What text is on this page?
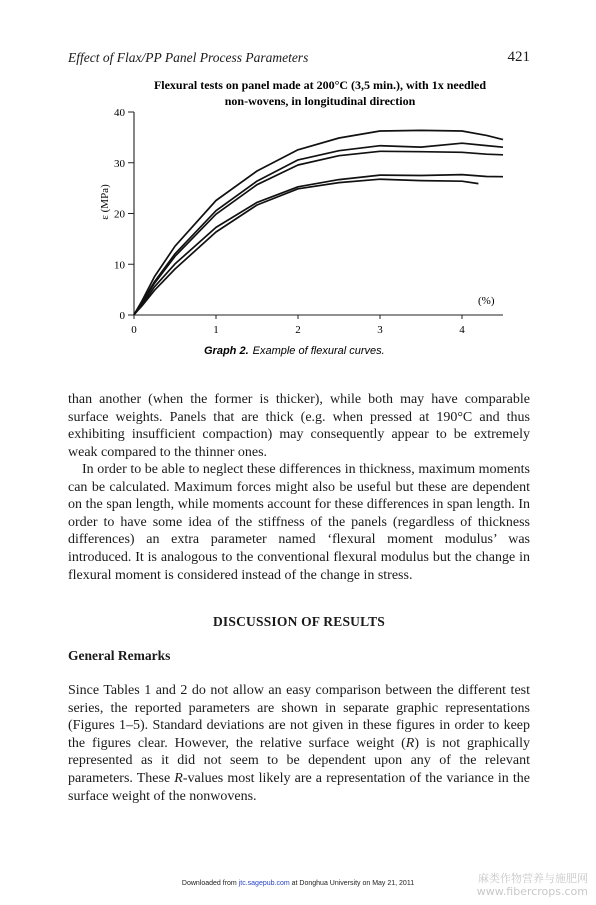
Effect of Flax/PP Panel Process Parameters	421
Flexural tests on panel made at 200°C (3,5 min.), with 1x needled
non-wovens, in longitudinal direction
0
10
20
30
40
0	1	2	3	4
ε (MPa)
(%)
Graph 2. Example of flexural curves.

than another (when the former is thicker), while both may have comparable surface weights. Panels that are thick (e.g. when pressed at 190°C and thus exhibiting insufficient compaction) may consequently appear to be extremely weak compared to the thinner ones.

In order to be able to neglect these differences in thickness, maximum moments can be calculated. Maximum forces might also be useful but these are dependent on the span length, while moments account for these differences in span length. In order to have some idea of the stiffness of the panels (regardless of thickness differences) an extra parameter named ‘flexural moment modulus’ was introduced. It is analogous to the conventional flexural modulus but the change in flexural moment is considered instead of the change in stress.

DISCUSSION OF RESULTS
General Remarks

Since Tables 1 and 2 do not allow an easy comparison between the different test series, the reported parameters are shown in separate graphic representations (Figures 1–5). Standard deviations are not given in these figures in order to keep the figures clear. However, the relative surface weight (R) is not graphically represented as it did not seem to be dependent upon any of the relevant parameters. These R-values most likely are a representation of the variance in the surface weight of the nonwovens.

Downloaded from jtc.sagepub.com at Donghua University on May 21, 2011	麻类作物营养与施肥网
www.fibercrops.com
